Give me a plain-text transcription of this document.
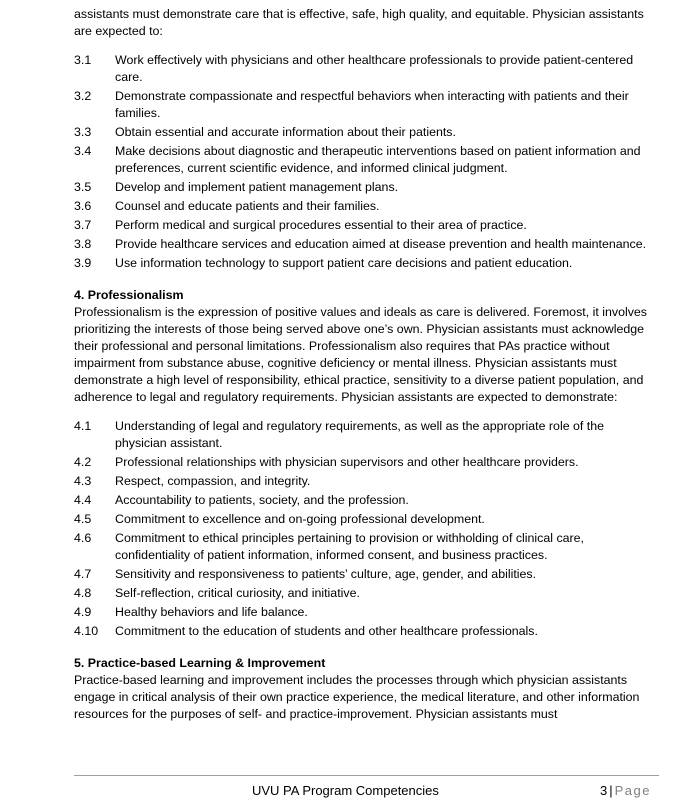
assistants must demonstrate care that is effective, safe, high quality, and equitable. Physician assistants are expected to:

3.1	Work effectively with physicians and other healthcare professionals to provide patient-centered care.
3.2	Demonstrate compassionate and respectful behaviors when interacting with patients and their families.
3.3	Obtain essential and accurate information about their patients.
3.4	Make decisions about diagnostic and therapeutic interventions based on patient information and preferences, current scientific evidence, and informed clinical judgment.
3.5	Develop and implement patient management plans.
3.6	Counsel and educate patients and their families.
3.7	Perform medical and surgical procedures essential to their area of practice.
3.8	Provide healthcare services and education aimed at disease prevention and health maintenance.
3.9	Use information technology to support patient care decisions and patient education.

4. Professionalism

Professionalism is the expression of positive values and ideals as care is delivered. Foremost, it involves prioritizing the interests of those being served above one’s own. Physician assistants must acknowledge their professional and personal limitations. Professionalism also requires that PAs practice without impairment from substance abuse, cognitive deficiency or mental illness. Physician assistants must demonstrate a high level of responsibility, ethical practice, sensitivity to a diverse patient population, and adherence to legal and regulatory requirements. Physician assistants are expected to demonstrate:

4.1	Understanding of legal and regulatory requirements, as well as the appropriate role of the physician assistant.
4.2	Professional relationships with physician supervisors and other healthcare providers.
4.3	Respect, compassion, and integrity.
4.4	Accountability to patients, society, and the profession.
4.5	Commitment to excellence and on-going professional development.
4.6	Commitment to ethical principles pertaining to provision or withholding of clinical care, confidentiality of patient information, informed consent, and business practices.
4.7	Sensitivity and responsiveness to patients’ culture, age, gender, and abilities.
4.8	Self-reflection, critical curiosity, and initiative.
4.9	Healthy behaviors and life balance.
4.10	Commitment to the education of students and other healthcare professionals.

5. Practice-based Learning & Improvement

Practice-based learning and improvement includes the processes through which physician assistants engage in critical analysis of their own practice experience, the medical literature, and other information resources for the purposes of self- and practice-improvement. Physician assistants must

UVU PA Program Competencies	3 | Page
